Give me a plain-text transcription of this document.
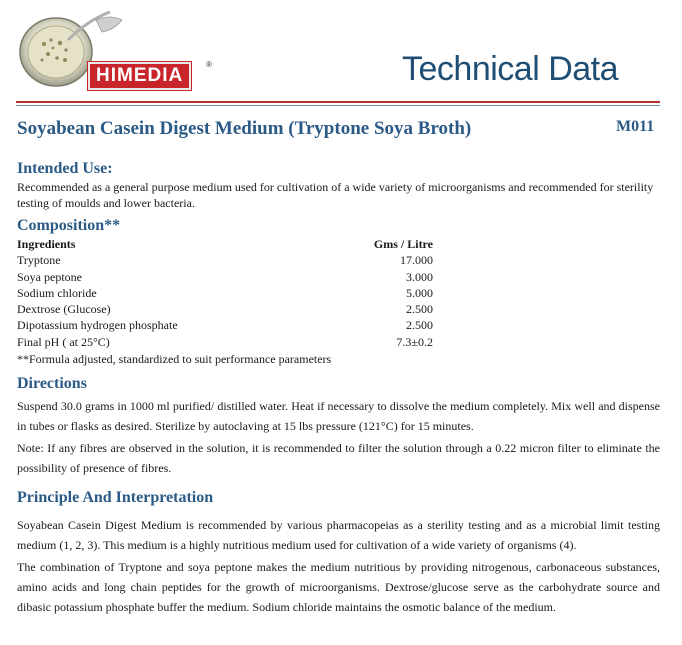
HIMEDIA
®	Technical Data
Soyabean Casein Digest Medium (Tryptone Soya Broth)	M011
Intended Use:
Recommended as a general purpose medium used for cultivation of a wide variety of microorganisms and recommended for sterility testing of moulds and lower bacteria.
Composition**
Ingredients	Gms / Litre
Tryptone	17.000
Soya peptone	3.000
Sodium chloride	5.000
Dextrose (Glucose)	2.500
Dipotassium hydrogen phosphate	2.500
Final pH ( at 25°C)	7.3±0.2
**Formula adjusted, standardized to suit performance parameters
Directions
Suspend 30.0 grams in 1000 ml purified/ distilled water. Heat if necessary to dissolve the medium completely. Mix well and dispense in tubes or flasks as desired. Sterilize by autoclaving at 15 lbs pressure (121°C) for 15 minutes.
Note: If any fibres are observed in the solution, it is recommended to filter the solution through a 0.22 micron filter to eliminate the possibility of presence of fibres.
Principle And Interpretation
Soyabean Casein Digest Medium is recommended by various pharmacopeias as a sterility testing and as a microbial limit testing medium (1, 2, 3). This medium is a highly nutritious medium used for cultivation of a wide variety of organisms (4).
The combination of Tryptone and soya peptone makes the medium nutritious by providing nitrogenous, carbonaceous substances, amino acids and long chain peptides for the growth of microorganisms. Dextrose/glucose serve as the carbohydrate source and dibasic potassium phosphate buffer the medium. Sodium chloride maintains the osmotic balance of the medium.
